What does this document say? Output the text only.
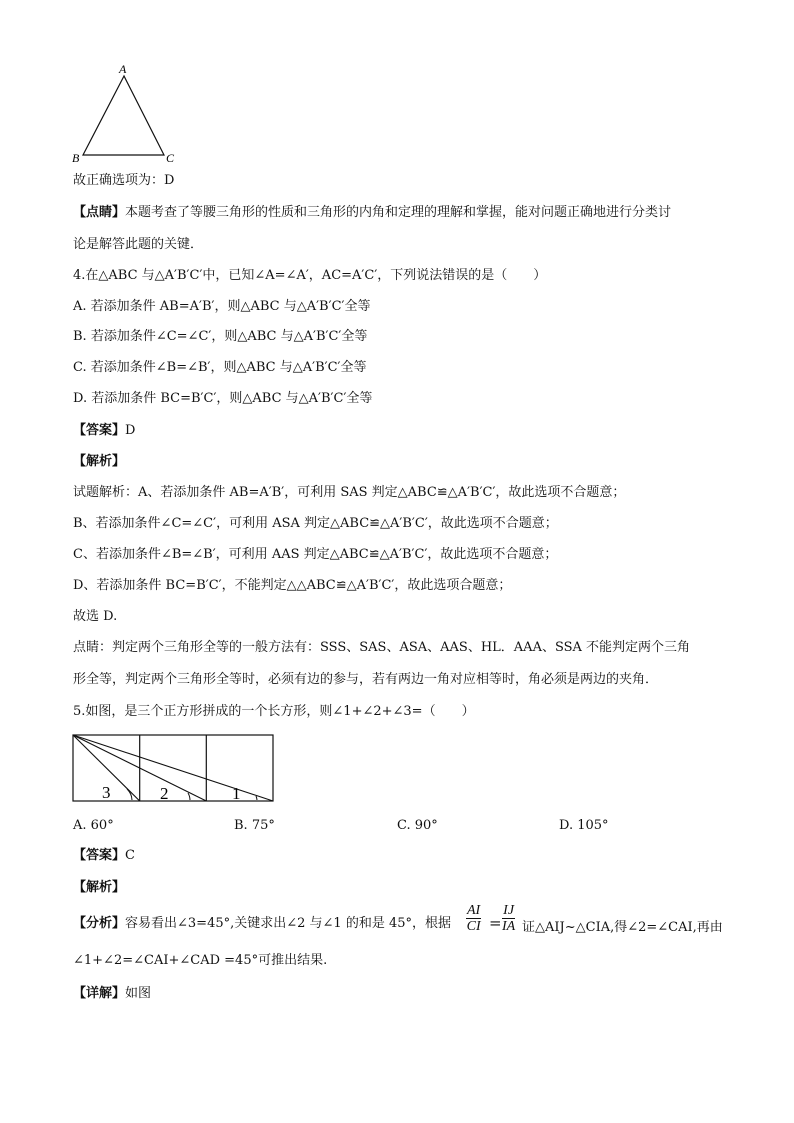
A
B	C
故正确选项为：D
【点睛】本题考查了等腰三角形的性质和三角形的内角和定理的理解和掌握，能对问题正确地进行分类讨
论是解答此题的关键．
4.在△ABC 与△A′B′C′中，已知∠A=∠A′，AC=A′C′，下列说法错误的是（　　）
A. 若添加条件 AB=A′B′，则△ABC 与△A′B′C′全等
B. 若添加条件∠C=∠C′，则△ABC 与△A′B′C′全等
C. 若添加条件∠B=∠B′，则△ABC 与△A′B′C′全等
D. 若添加条件 BC=B′C′，则△ABC 与△A′B′C′全等
【答案】D
【解析】
试题解析：A、若添加条件 AB=A′B′，可利用 SAS 判定△ABC≌△A′B′C′，故此选项不合题意；
B、若添加条件∠C=∠C′，可利用 ASA 判定△ABC≌△A′B′C′，故此选项不合题意；
C、若添加条件∠B=∠B′，可利用 AAS 判定△ABC≌△A′B′C′，故此选项不合题意；
D、若添加条件 BC=B′C′，不能判定△△ABC≌△A′B′C′，故此选项合题意；
故选 D.
点睛：判定两个三角形全等的一般方法有：SSS、SAS、ASA、AAS、HL．AAA、SSA 不能判定两个三角
形全等，判定两个三角形全等时，必须有边的参与，若有两边一角对应相等时，角必须是两边的夹角．
5.如图，是三个正方形拼成的一个长方形，则∠1+∠2+∠3=（　　）
3	2	1
A. 60°	B. 75°	C. 90°	D. 105°
【答案】C
【解析】
【分析】容易看出∠3=45°,关键求出∠2 与∠1 的和是 45°，根据 $\frac{AI}{CI} = \frac{IJ}{IA}$ 证△AIJ~△CIA,得∠2=∠CAI,再由
∠1+∠2=∠CAI+∠CAD =45°可推出结果.
【详解】如图
